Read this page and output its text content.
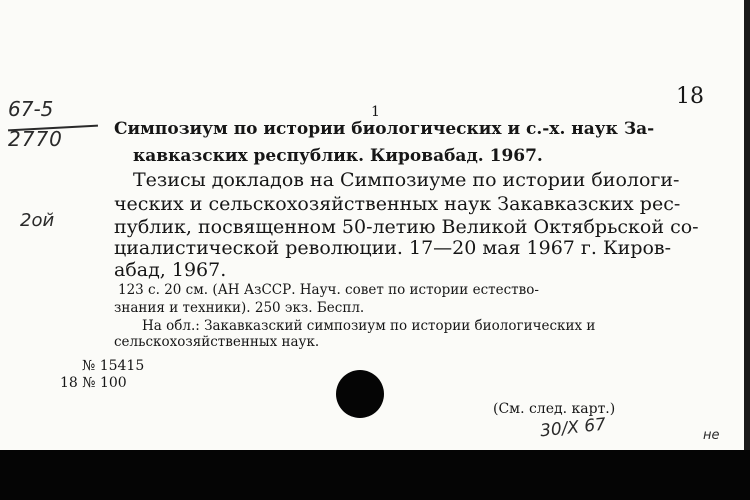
18
1
67-5
2770
2ой
Симпозиум по истории биологических и с.-х. наук За-
кавказских республик. Кировабад. 1967.
Тезисы докладов на Симпозиуме по истории биологи-
ческих и сельскохозяйственных наук Закавказских рес-
публик, посвященном 50-летию Великой Октябрьской со-
циалистической революции. 17—20 мая 1967 г. Киров-
абад, 1967.
123 с. 20 см. (АН АзССР. Науч. совет по истории естество-
знания и техники). 250 экз. Беспл.
На обл.: Закавказский симпозиум по истории биологических и
сельскохозяйственных наук.
№ 15415
18 № 100
(См. след. карт.)
30/Х 67	не
